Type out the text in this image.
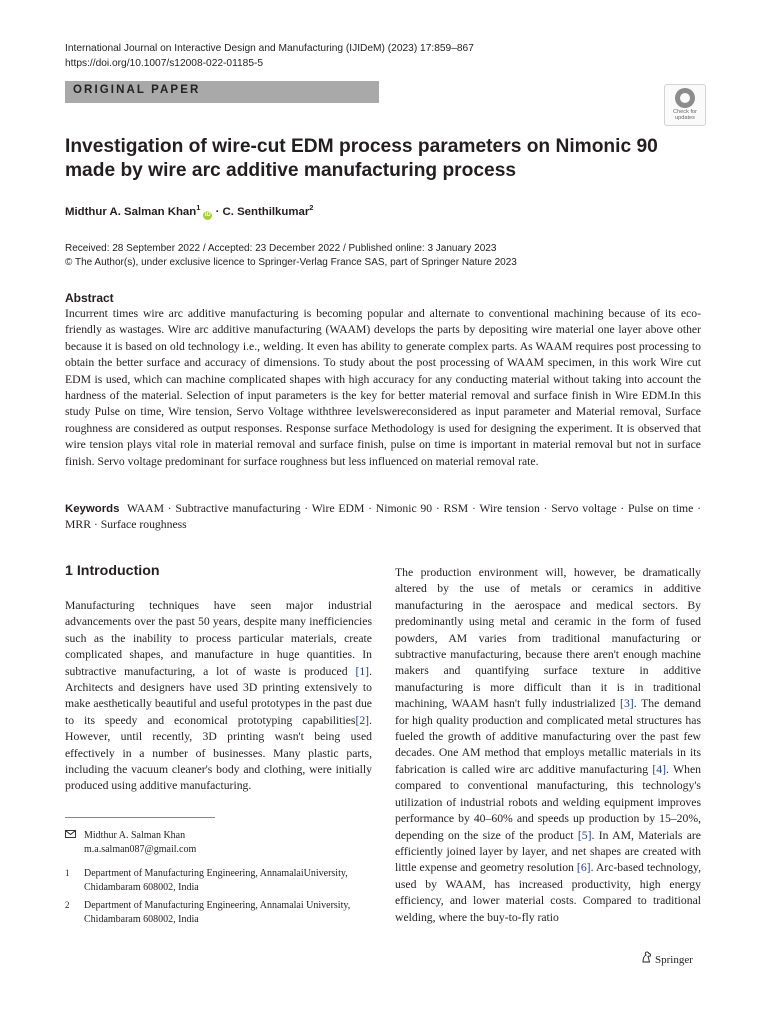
International Journal on Interactive Design and Manufacturing (IJIDeM) (2023) 17:859–867
https://doi.org/10.1007/s12008-022-01185-5
ORIGINAL PAPER
Check for
updates
Investigation of wire-cut EDM process parameters on Nimonic 90 made by wire arc additive manufacturing process
Midthur A. Salman Khan$^1$iD · C. Senthilkumar$^2$
Received: 28 September 2022 / Accepted: 23 December 2022 / Published online: 3 January 2023
© The Author(s), under exclusive licence to Springer-Verlag France SAS, part of Springer Nature 2023
Abstract

Incurrent times wire arc additive manufacturing is becoming popular and alternate to conventional machining because of its eco-friendly as wastages. Wire arc additive manufacturing (WAAM) develops the parts by depositing wire material one layer above other because it is based on old technology i.e., welding. It even has ability to generate complex parts. As WAAM requires post processing to obtain the better surface and accuracy of dimensions. To study about the post processing of WAAM specimen, in this work Wire cut EDM is used, which can machine complicated shapes with high accuracy for any conducting material without taking into account the hardness of the material. Selection of input parameters is the key for better material removal and surface finish in Wire EDM.In this study Pulse on time, Wire tension, Servo Voltage withthree levelswereconsidered as input parameter and Material removal, Surface roughness are considered as output responses. Response surface Methodology is used for designing the experiment. It is observed that wire tension plays vital role in material removal and surface finish, pulse on time is important in material removal but not in surface finish. Servo voltage predominant for surface roughness but less influenced on material removal rate.

Keywords WAAM · Subtractive manufacturing · Wire EDM · Nimonic 90 · RSM · Wire tension · Servo voltage · Pulse on time · MRR · Surface roughness
1 Introduction

Manufacturing techniques have seen major industrial advancements over the past 50 years, despite many inefficiencies such as the inability to process particular materials, create complicated shapes, and manufacture in huge quantities. In subtractive manufacturing, a lot of waste is produced [1]. Architects and designers have used 3D printing extensively to make aesthetically beautiful and useful prototypes in the past due to its speedy and economical prototyping capabilities[2]. However, until recently, 3D printing wasn't being used effectively in a number of businesses. Many plastic parts, including the vacuum cleaner's body and clothing, were initially produced using additive manufacturing.

The production environment will, however, be dramatically altered by the use of metals or ceramics in additive manufacturing in the aerospace and medical sectors. By predominantly using metal and ceramic in the form of fused powders, AM varies from traditional manufacturing or subtractive manufacturing, because there aren't enough machine makers and quantifying surface texture in additive manufacturing is more difficult than it is in traditional machining, WAAM hasn't fully industrialized [3]. The demand for high quality production and complicated metal structures has fueled the growth of additive manufacturing over the past few decades. One AM method that employs metallic materials in its fabrication is called wire arc additive manufacturing [4]. When compared to conventional manufacturing, this technology's utilization of industrial robots and welding equipment improves performance by 40–60% and speeds up production by 15–20%, depending on the size of the product [5]. In AM, Materials are efficiently joined layer by layer, and net shapes are created with little expense and geometry resolution [6]. Arc-based technology, used by WAAM, has increased productivity, high energy efficiency, and lower material costs. Compared to traditional welding, where the buy-to-fly ratio

Midthur A. Salman Khan
m.a.salman087@gmail.com
1 Department of Manufacturing Engineering, AnnamalaiUniversity, Chidambaram 608002, India
2 Department of Manufacturing Engineering, Annamalai University, Chidambaram 608002, India
Springer
